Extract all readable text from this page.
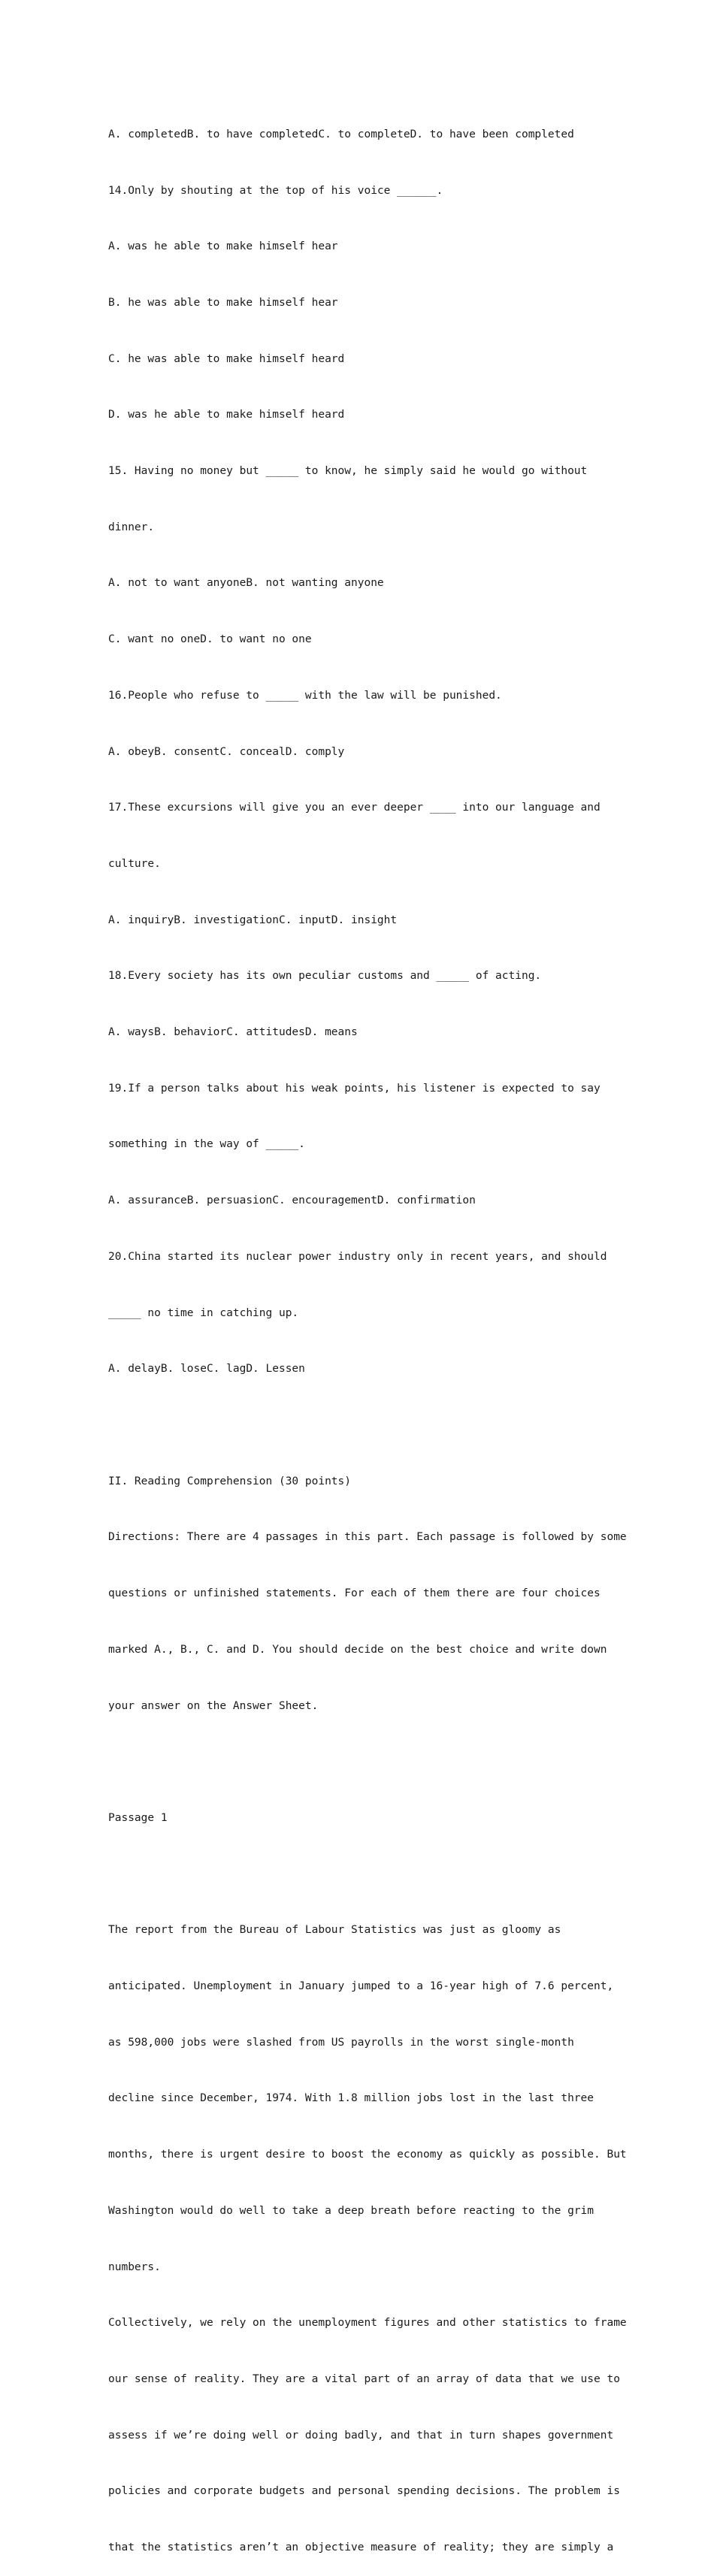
A. completedB. to have completedC. to completeD. to have been completed

14.Only by shouting at the top of his voice ______.

A. was he able to make himself hear

B. he was able to make himself hear

C. he was able to make himself heard

D. was he able to make himself heard

15. Having no money but _____ to know, he simply said he would go without

dinner.

A. not to want anyoneB. not wanting anyone

C. want no oneD. to want no one

16.People who refuse to _____ with the law will be punished.

A. obeyB. consentC. concealD. comply

17.These excursions will give you an ever deeper ____ into our language and

culture.

A. inquiryB. investigationC. inputD. insight

18.Every society has its own peculiar customs and _____ of acting.

A. waysB. behaviorC. attitudesD. means

19.If a person talks about his weak points, his listener is expected to say

something in the way of _____.

A. assuranceB. persuasionC. encouragementD. confirmation

20.China started its nuclear power industry only in recent years, and should

_____ no time in catching up.

A. delayB. loseC. lagD. Lessen

II. Reading Comprehension (30 points)

Directions: There are 4 passages in this part. Each passage is followed by some

questions or unfinished statements. For each of them there are four choices

marked A., B., C. and D. You should decide on the best choice and write down

your answer on the Answer Sheet.

Passage 1

The report from the Bureau of Labour Statistics was just as gloomy as

anticipated. Unemployment in January jumped to a 16‑year high of 7.6 percent,

as 598,000 jobs were slashed from US payrolls in the worst single‑month

decline since December, 1974. With 1.8 million jobs lost in the last three

months, there is urgent desire to boost the economy as quickly as possible. But

Washington would do well to take a deep breath before reacting to the grim

numbers.

Collectively, we rely on the unemployment figures and other statistics to frame

our sense of reality. They are a vital part of an array of data that we use to

assess if we’re doing well or doing badly, and that in turn shapes government

policies and corporate budgets and personal spending decisions. The problem is

that the statistics aren’t an objective measure of reality; they are simply a
